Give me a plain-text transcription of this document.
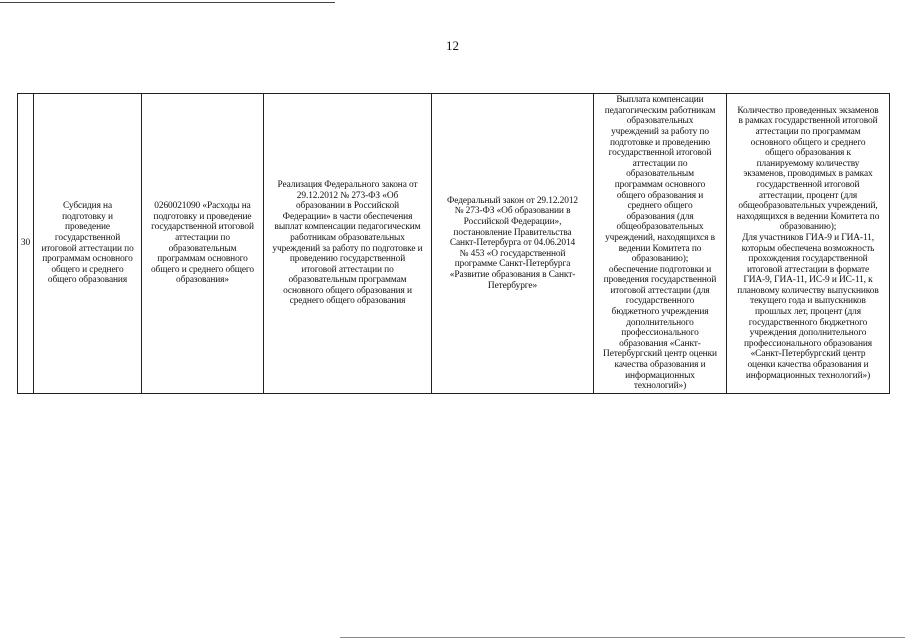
12
30

Субсидия на
подготовку и
проведение
государственной
итоговой аттестации по
программам основного
общего и среднего
общего образования

0260021090 «Расходы на
подготовку и проведение
государственной итоговой
аттестации по
образовательным
программам основного
общего и среднего общего
образования»

Реализация Федерального закона от
29.12.2012 № 273-ФЗ «Об
образовании в Российской
Федерации» в части обеспечения
выплат компенсации педагогическим
работникам образовательных
учреждений за работу по подготовке и
проведению государственной
итоговой аттестации по
образовательным программам
основного общего образования и
среднего общего образования

Федеральный закон от 29.12.2012
№ 273-ФЗ «Об образовании в
Российской Федерации»,
постановление Правительства
Санкт-Петербурга от 04.06.2014
№ 453 «О государственной
программе Санкт-Петербурга
«Развитие образования в Санкт-
Петербурге»

Выплата компенсации
педагогическим работникам
образовательных
учреждений за работу по
подготовке и проведению
государственной итоговой
аттестации по
образовательным
программам основного
общего образования и
среднего общего
образования (для
общеобразовательных
учреждений, находящихся в
ведении Комитета по
образованию);
обеспечение подготовки и
проведения государственной
итоговой аттестации (для
государственного
бюджетного учреждения
дополнительного
профессионального
образования «Санкт-
Петербургский центр оценки
качества образования и
информационных
технологий»)

Количество проведенных экзаменов
в рамках государственной итоговой
аттестации по программам
основного общего и среднего
общего образования к
планируемому количеству
экзаменов, проводимых в рамках
государственной итоговой
аттестации, процент (для
общеобразовательных учреждений,
находящихся в ведении Комитета по
образованию);
Для участников ГИА-9 и ГИА-11,
которым обеспечена возможность
прохождения государственной
итоговой аттестации в формате
ГИА-9, ГИА-11, ИС-9 и ИС-11, к
плановому количеству выпускников
текущего года и выпускников
прошлых лет, процент (для
государственного бюджетного
учреждения дополнительного
профессионального образования
«Санкт-Петербургский центр
оценки качества образования и
информационных технологий»)
